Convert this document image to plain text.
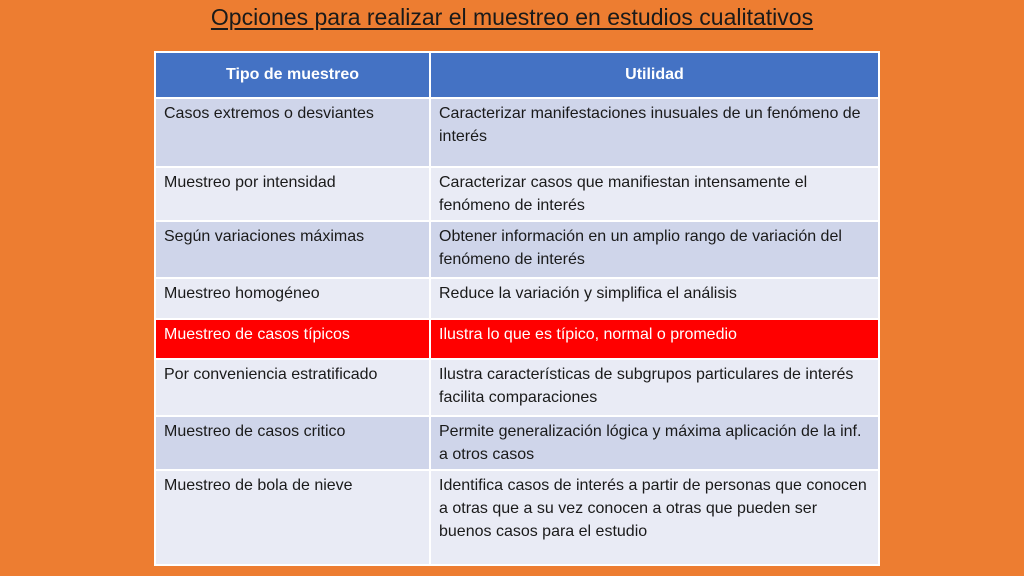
Opciones para realizar el muestreo en estudios cualitativos
Tipo de muestreo	Utilidad
Casos extremos o desviantes	Caracterizar manifestaciones inusuales de un fenómeno de interés
Muestreo por intensidad	Caracterizar casos que manifiestan intensamente el fenómeno de interés
Según variaciones máximas	Obtener información en un amplio rango de variación del fenómeno de interés
Muestreo homogéneo	Reduce la variación y simplifica el análisis
Muestreo de casos típicos	Ilustra lo que es típico, normal o promedio
Por conveniencia estratificado	Ilustra características de subgrupos particulares de interés facilita comparaciones
Muestreo de casos critico	Permite generalización lógica y máxima aplicación de la inf. a otros casos
Muestreo de bola de nieve	Identifica casos de interés a partir de personas que conocen a otras que a su vez conocen a otras que pueden ser buenos casos para el estudio
